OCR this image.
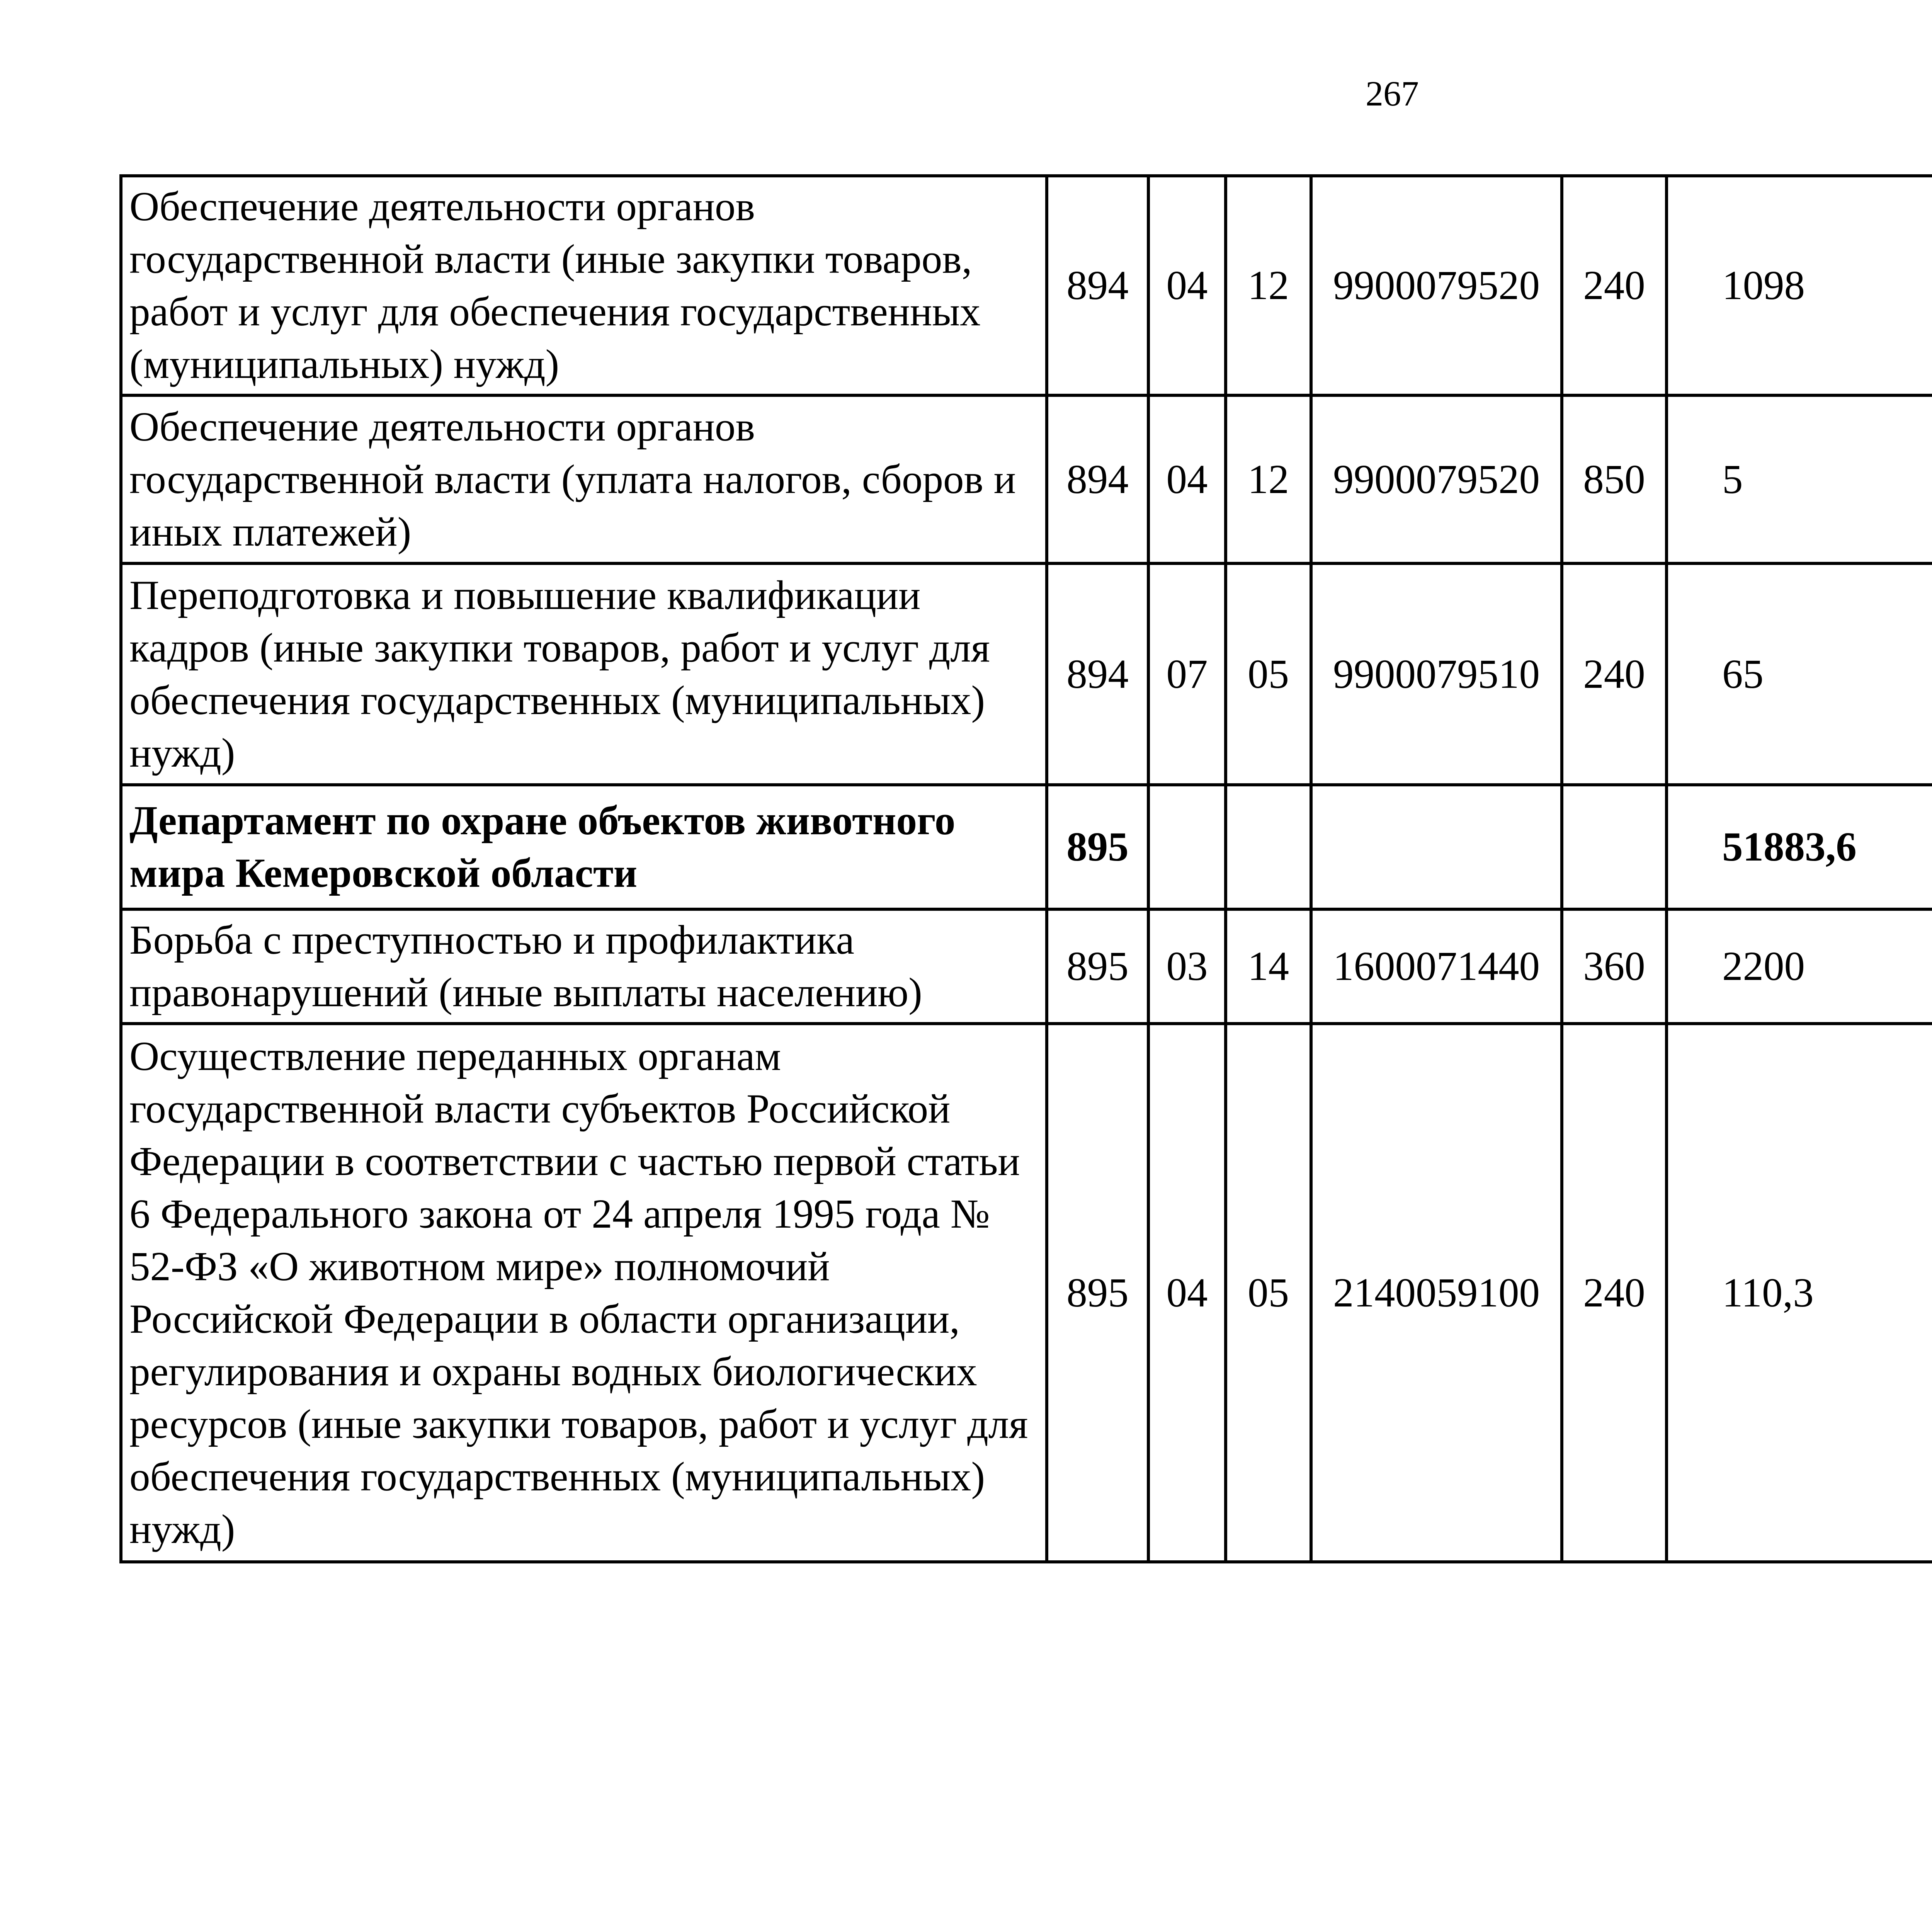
267
Обеспечение деятельности органов государственной власти (иные закупки товаров, работ и услуг для обеспечения государственных (муниципальных) нужд)	894	04	12	9900079520	240	1098		
Обеспечение деятельности органов государственной власти (уплата налогов, сборов и иных платежей)	894	04	12	9900079520	850	5		
Переподготовка и повышение квалификации кадров (иные закупки товаров, работ и услуг для обеспечения государственных (муниципальных) нужд)	894	07	05	9900079510	240	65		
Департамент по охране объектов животного мира Кемеровской области	895					51883,6		
Борьба с преступностью и профилактика правонарушений (иные выплаты населению)	895	03	14	1600071440	360	2200		
Осуществление переданных органам государственной власти субъектов Российской Федерации в соответствии с частью первой статьи 6 Федерального закона от 24 апреля 1995 года № 52-ФЗ «О животном мире» полномочий Российской Федерации в области организации, регулирования и охраны водных биологических ресурсов (иные закупки товаров, работ и услуг для обеспечения государственных (муниципальных) нужд)	895	04	05	2140059100	240	110,3		
